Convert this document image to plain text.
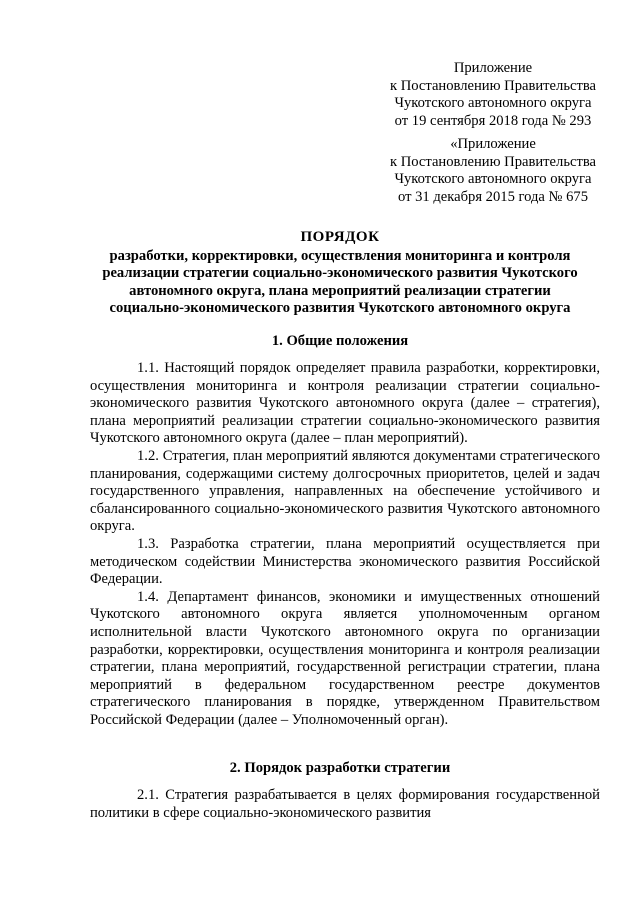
Приложение
к Постановлению Правительства
Чукотского автономного округа
от 19 сентября 2018 года № 293
«Приложение
к Постановлению Правительства
Чукотского автономного округа
от 31 декабря 2015 года № 675
ПОРЯДОК
разработки, корректировки, осуществления мониторинга и контроля
реализации стратегии социально-экономического развития Чукотского
автономного округа, плана мероприятий реализации стратегии
социально-экономического развития Чукотского автономного округа
1. Общие положения

1.1. Настоящий порядок определяет правила разработки, корректировки, осуществления мониторинга и контроля реализации стратегии социально-экономического развития Чукотского автономного округа (далее – стратегия), плана мероприятий реализации стратегии социально-экономического развития Чукотского автономного округа (далее – план мероприятий).

1.2. Стратегия, план мероприятий являются документами стратегического планирования, содержащими систему долгосрочных приоритетов, целей и задач государственного управления, направленных на обеспечение устойчивого и сбалансированного социально-экономического развития Чукотского автономного округа.

1.3. Разработка стратегии, плана мероприятий осуществляется при методическом содействии Министерства экономического развития Российской Федерации.

1.4. Департамент финансов, экономики и имущественных отношений Чукотского автономного округа является уполномоченным органом исполнительной власти Чукотского автономного округа по организации разработки, корректировки, осуществления мониторинга и контроля реализации стратегии, плана мероприятий, государственной регистрации стратегии, плана мероприятий в федеральном государственном реестре документов стратегического планирования в порядке, утвержденном Правительством Российской Федерации (далее – Уполномоченный орган).

2. Порядок разработки стратегии

2.1. Стратегия разрабатывается в целях формирования государственной политики в сфере социально-экономического развития
